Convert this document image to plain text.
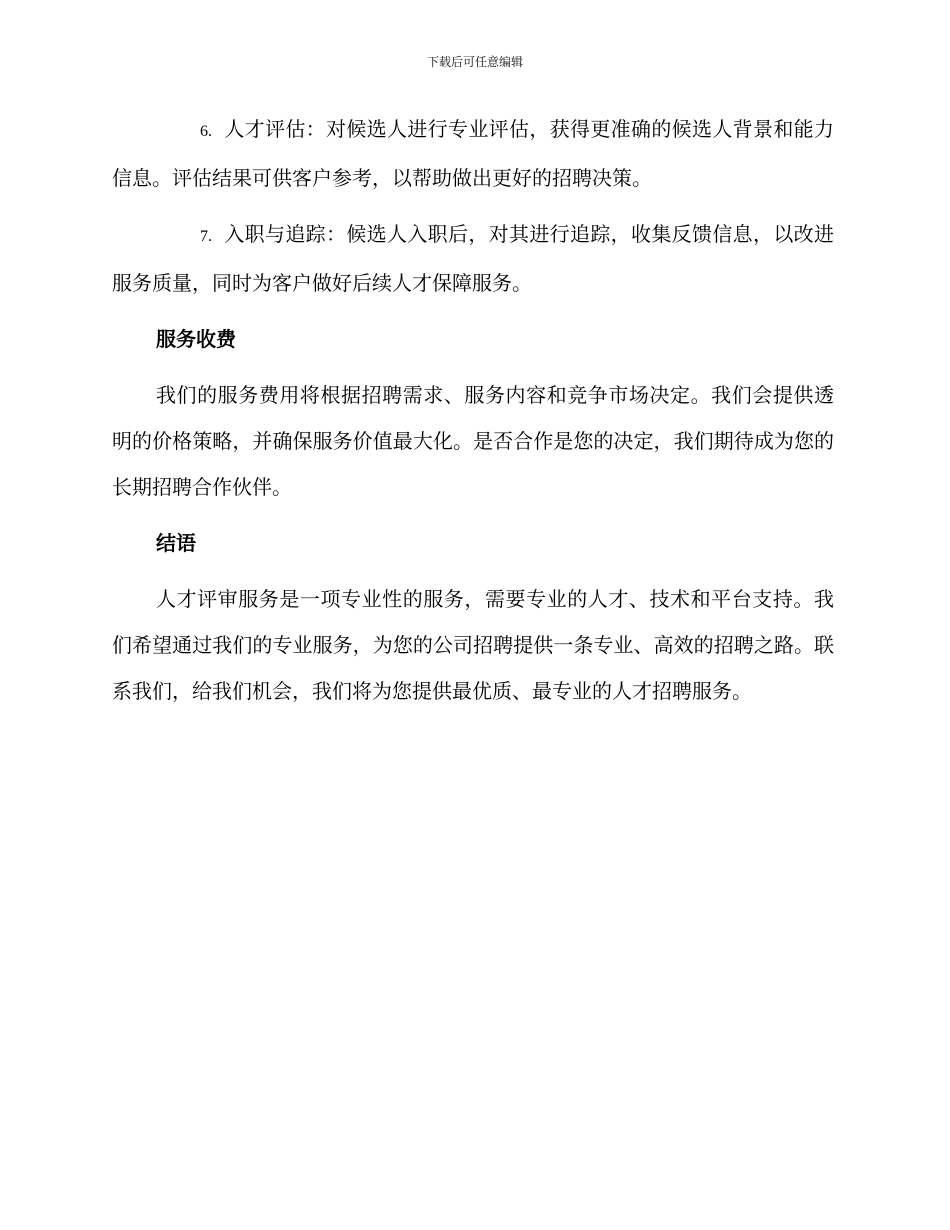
下载后可任意编辑

6. 人才评估：对候选人进行专业评估，获得更准确的候选人背景和能力信息。评估结果可供客户参考，以帮助做出更好的招聘决策。

7. 入职与追踪：候选人入职后，对其进行追踪，收集反馈信息，以改进服务质量，同时为客户做好后续人才保障服务。

服务收费

我们的服务费用将根据招聘需求、服务内容和竞争市场决定。我们会提供透明的价格策略，并确保服务价值最大化。是否合作是您的决定，我们期待成为您的长期招聘合作伙伴。

结语

人才评审服务是一项专业性的服务，需要专业的人才、技术和平台支持。我们希望通过我们的专业服务，为您的公司招聘提供一条专业、高效的招聘之路。联系我们，给我们机会，我们将为您提供最优质、最专业的人才招聘服务。
